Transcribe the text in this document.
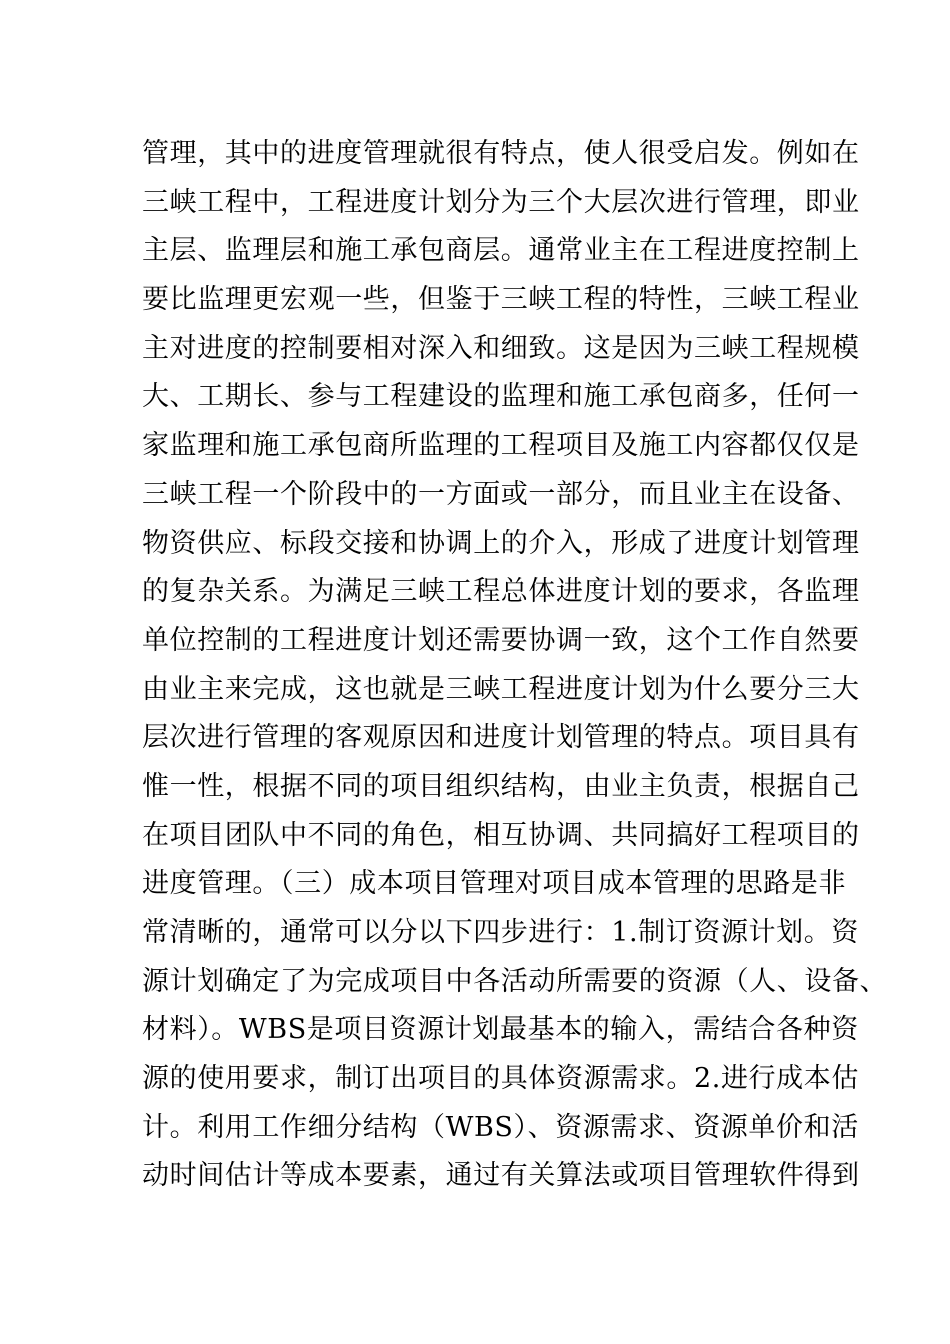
管理，其中的进度管理就很有特点，使人很受启发。例如在
三峡工程中，工程进度计划分为三个大层次进行管理，即业
主层、监理层和施工承包商层。通常业主在工程进度控制上
要比监理更宏观一些，但鉴于三峡工程的特性，三峡工程业
主对进度的控制要相对深入和细致。这是因为三峡工程规模
大、工期长、参与工程建设的监理和施工承包商多，任何一
家监理和施工承包商所监理的工程项目及施工内容都仅仅是
三峡工程一个阶段中的一方面或一部分，而且业主在设备、
物资供应、标段交接和协调上的介入，形成了进度计划管理
的复杂关系。为满足三峡工程总体进度计划的要求，各监理
单位控制的工程进度计划还需要协调一致，这个工作自然要
由业主来完成，这也就是三峡工程进度计划为什么要分三大
层次进行管理的客观原因和进度计划管理的特点。项目具有
惟一性，根据不同的项目组织结构，由业主负责，根据自己
在项目团队中不同的角色，相互协调、共同搞好工程项目的
进度管理。（三）成本项目管理对项目成本管理的思路是非
常清晰的，通常可以分以下四步进行：1.制订资源计划。资
源计划确定了为完成项目中各活动所需要的资源（人、设备、
材料）。WBS是项目资源计划最基本的输入，需结合各种资
源的使用要求，制订出项目的具体资源需求。2.进行成本估
计。利用工作细分结构（WBS）、资源需求、资源单价和活
动时间估计等成本要素，通过有关算法或项目管理软件得到
